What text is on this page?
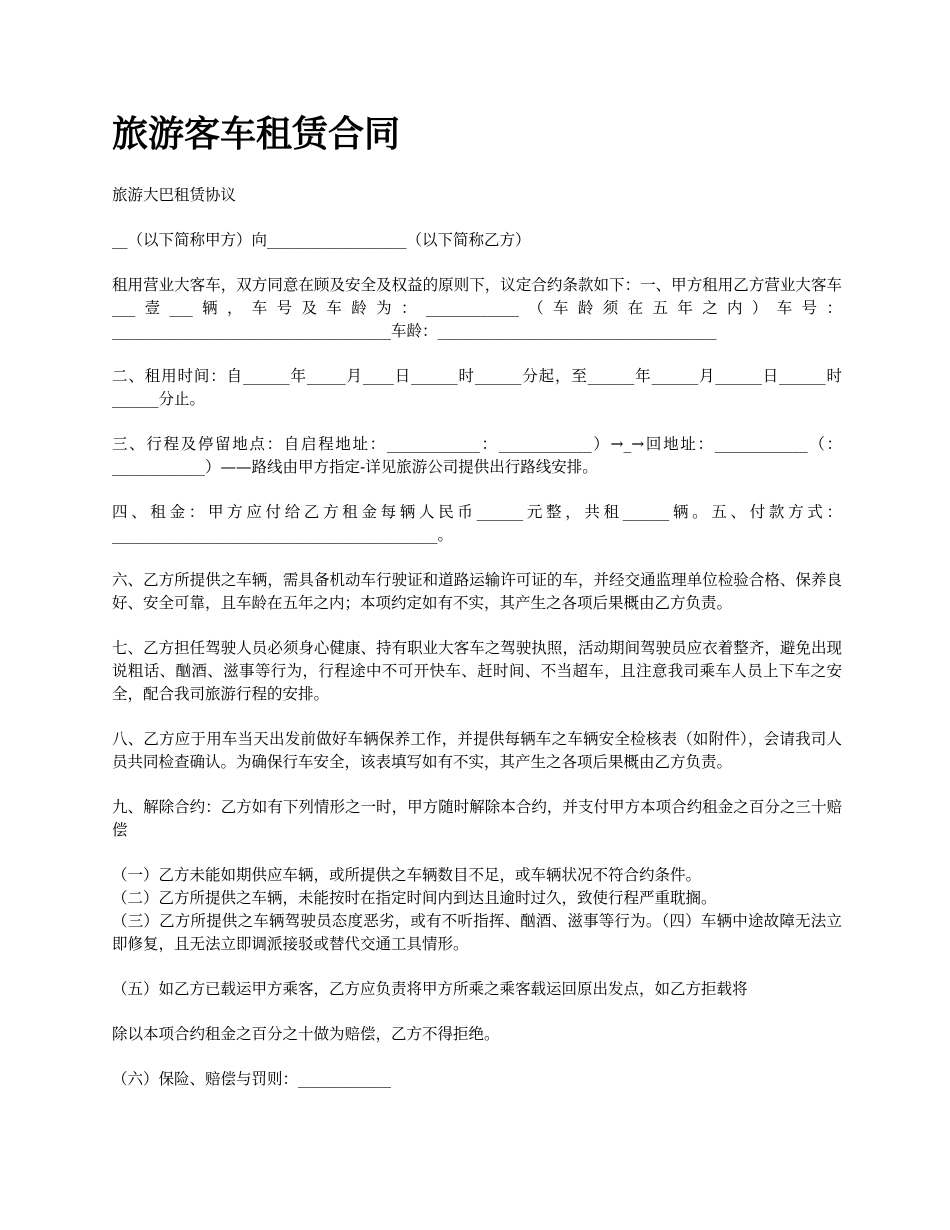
旅游客车租赁合同

旅游大巴租赁协议

__（以下简称甲方）向__________________（以下简称乙方）

租用营业大客车，双方同意在顾及安全及权益的原则下，议定合约条款如下：一、甲方租用乙方营业大客车___壹___辆，车号及车龄为：____________（车龄须在五年之内）车号：____________________________________车龄：____________________________________

二、租用时间：自______年_____月____日______时______分起，至______年______月______日______时______分止。

三、行程及停留地点：自启程地址：____________：____________）→_→回地址：____________（：____________）——路线由甲方指定-详见旅游公司提供出行路线安排。

四、租金：甲方应付给乙方租金每辆人民币______元整，共租______辆。五、付款方式：__________________________________________。

六、乙方所提供之车辆，需具备机动车行驶证和道路运输许可证的车，并经交通监理单位检验合格、保养良好、安全可靠，且车龄在五年之内；本项约定如有不实，其产生之各项后果概由乙方负责。

七、乙方担任驾驶人员必须身心健康、持有职业大客车之驾驶执照，活动期间驾驶员应衣着整齐，避免出现说粗话、酗酒、滋事等行为，行程途中不可开快车、赶时间、不当超车，且注意我司乘车人员上下车之安全，配合我司旅游行程的安排。

八、乙方应于用车当天出发前做好车辆保养工作，并提供每辆车之车辆安全检核表（如附件），会请我司人员共同检查确认。为确保行车安全，该表填写如有不实，其产生之各项后果概由乙方负责。

九、解除合约：乙方如有下列情形之一时，甲方随时解除本合约，并支付甲方本项合约租金之百分之三十赔偿

（一）乙方未能如期供应车辆，或所提供之车辆数目不足，或车辆状况不符合约条件。

（二）乙方所提供之车辆，未能按时在指定时间内到达且逾时过久，致使行程严重耽搁。

（三）乙方所提供之车辆驾驶员态度恶劣，或有不听指挥、酗酒、滋事等行为。（四）车辆中途故障无法立即修复，且无法立即调派接驳或替代交通工具情形。

（五）如乙方已载运甲方乘客，乙方应负责将甲方所乘之乘客载运回原出发点，如乙方拒载将

除以本项合约租金之百分之十做为赔偿，乙方不得拒绝。

（六）保险、赔偿与罚则：____________
